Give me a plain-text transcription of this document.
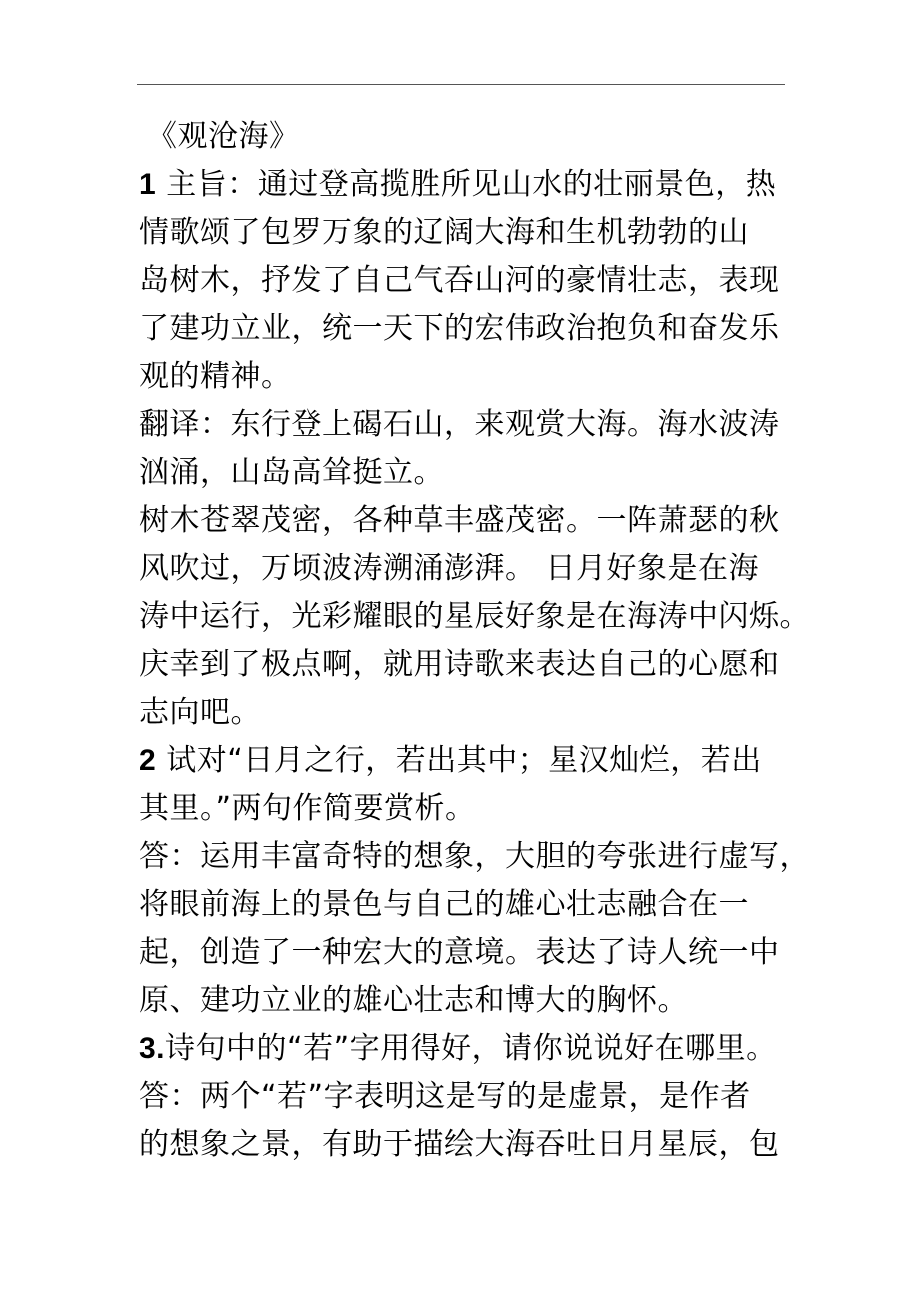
《观沧海》
1 主旨：通过登高揽胜所见山水的壮丽景色，热
情歌颂了包罗万象的辽阔大海和生机勃勃的山
岛树木，抒发了自己气吞山河的豪情壮志，表现
了建功立业，统一天下的宏伟政治抱负和奋发乐
观的精神。
翻译：东行登上碣石山，来观赏大海。海水波涛
汹涌，山岛高耸挺立。
树木苍翠茂密，各种草丰盛茂密。一阵萧瑟的秋
风吹过，万顷波涛溯涌澎湃。 日月好象是在海
涛中运行，光彩耀眼的星辰好象是在海涛中闪烁。
庆幸到了极点啊，就用诗歌来表达自己的心愿和
志向吧。
2 试对“日月之行，若出其中；星汉灿烂，若出
其里。”两句作简要赏析。
答：运用丰富奇特的想象，大胆的夸张进行虚写，
将眼前海上的景色与自己的雄心壮志融合在一
起，创造了一种宏大的意境。表达了诗人统一中
原、建功立业的雄心壮志和博大的胸怀。
3.诗句中的“若”字用得好，请你说说好在哪里。
答：两个“若”字表明这是写的是虚景，是作者
的想象之景，有助于描绘大海吞吐日月星辰，包
